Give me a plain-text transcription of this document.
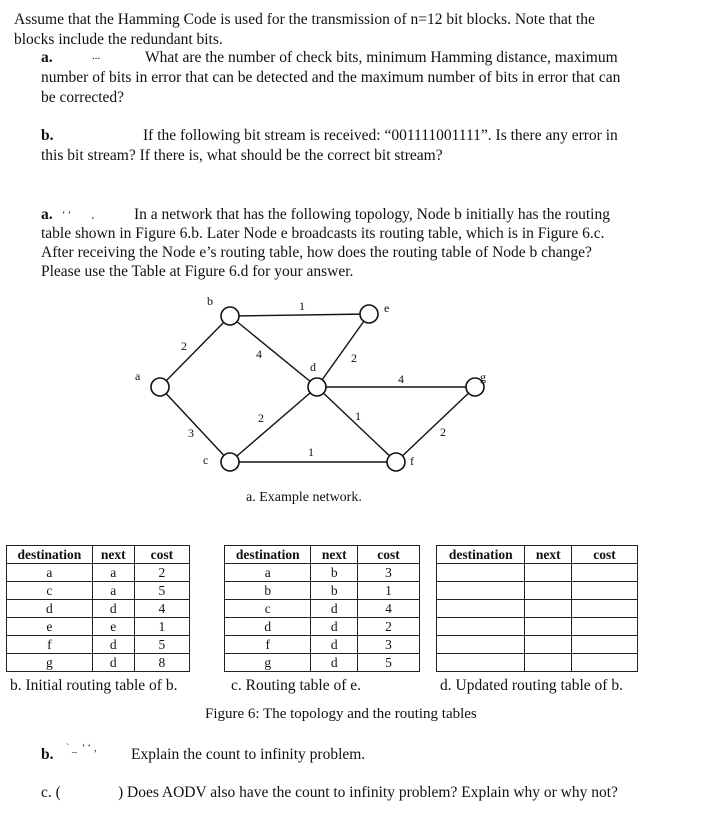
Assume that the Hamming Code is used for the transmission of n=12 bit blocks. Note that the
blocks include the redundant bits.
a.	...	What are the number of check bits, minimum Hamming distance, maximum
number of bits in error that can be detected and the maximum number of bits in error that can
be corrected?
b.	If the following bit stream is received: “001111001111”. Is there any error in
this bit stream? If there is, what should be the correct bit stream?
a. ‘ ‘        ‚	In a network that has the following topology, Node b initially has the routing
table shown in Figure 6.b. Later Node e broadcasts its routing table, which is in Figure 6.c.
After receiving the Node e’s routing table, how does the routing table of Node b change?
Please use the Table at Figure 6.d for your answer.
a
b
c
d
e
f
g
2
3
4
1
2
1
2
4
1
2
a. Example network.
destination	next	cost
a	a	2
c	a	5
d	d	4
e	e	1
f	d	5
g	d	8
destination	next	cost
a	b	3
b	b	1
c	d	4
d	d	2
f	d	3
g	d	5
destination	next	cost

b. Initial routing table of b.	c. Routing table of e.	d. Updated routing table of b.
Figure 6: The topology and the routing tables
b. ` _  ‘ ‘ ‚ Explain the count to infinity problem.
c. (	) Does AODV also have the count to infinity problem? Explain why or why not?
